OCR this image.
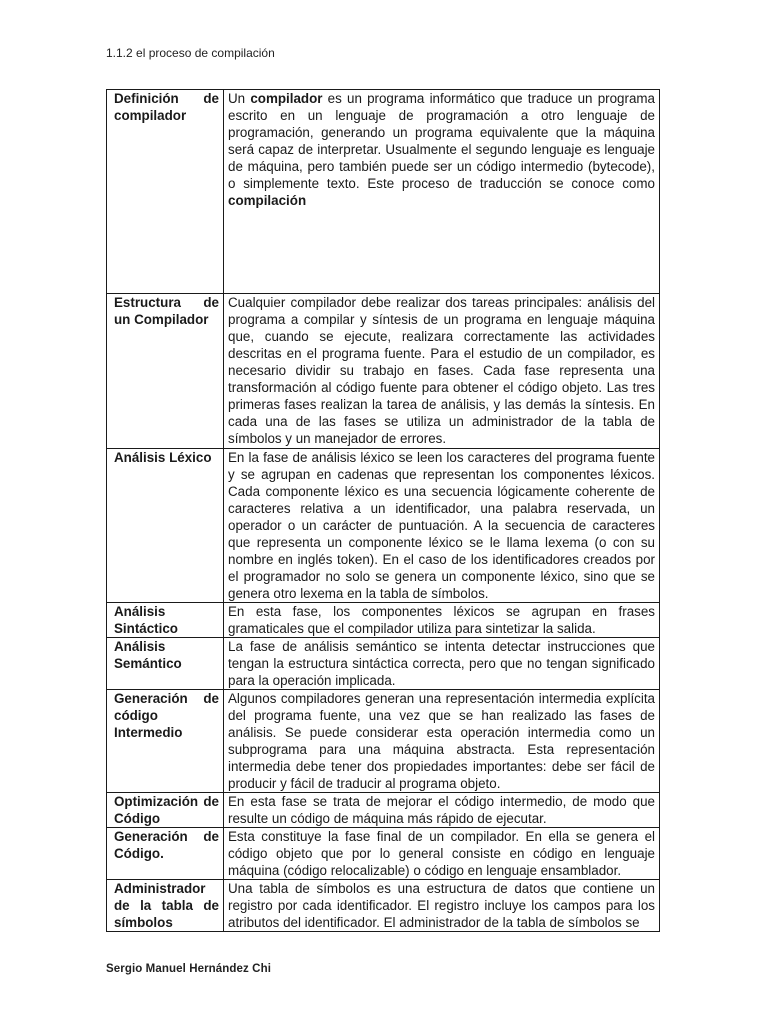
1.1.2 el proceso de compilación
Definición de compilador	Un compilador es un programa informático que traduce un programa escrito en un lenguaje de programación a otro lenguaje de programación, generando un programa equivalente que la máquina será capaz de interpretar. Usualmente el segundo lenguaje es lenguaje de máquina, pero también puede ser un código intermedio (bytecode), o simplemente texto. Este proceso de traducción se conoce como compilación
Estructura de un Compilador	Cualquier compilador debe realizar dos tareas principales: análisis del programa a compilar y síntesis de un programa en lenguaje máquina que, cuando se ejecute, realizara correctamente las actividades descritas en el programa fuente. Para el estudio de un compilador, es necesario dividir su trabajo en fases. Cada fase representa una transformación al código fuente para obtener el código objeto. Las tres primeras fases realizan la tarea de análisis, y las demás la síntesis. En cada una de las fases se utiliza un administrador de la tabla de símbolos y un manejador de errores.
Análisis Léxico	En la fase de análisis léxico se leen los caracteres del programa fuente y se agrupan en cadenas que representan los componentes léxicos. Cada componente léxico es una secuencia lógicamente coherente de caracteres relativa a un identificador, una palabra reservada, un operador o un carácter de puntuación. A la secuencia de caracteres que representa un componente léxico se le llama lexema (o con su nombre en inglés token). En el caso de los identificadores creados por el programador no solo se genera un componente léxico, sino que se genera otro lexema en la tabla de símbolos.
Análisis Sintáctico	En esta fase, los componentes léxicos se agrupan en frases gramaticales que el compilador utiliza para sintetizar la salida.
Análisis Semántico	La fase de análisis semántico se intenta detectar instrucciones que tengan la estructura sintáctica correcta, pero que no tengan significado para la operación implicada.
Generación de código Intermedio	Algunos compiladores generan una representación intermedia explícita del programa fuente, una vez que se han realizado las fases de análisis. Se puede considerar esta operación intermedia como un subprograma para una máquina abstracta. Esta representación intermedia debe tener dos propiedades importantes: debe ser fácil de producir y fácil de traducir al programa objeto.
Optimización de Código	En esta fase se trata de mejorar el código intermedio, de modo que resulte un código de máquina más rápido de ejecutar.
Generación de Código.	Esta constituye la fase final de un compilador. En ella se genera el código objeto que por lo general consiste en código en lenguaje máquina (código relocalizable) o código en lenguaje ensamblador.
Administrador de la tabla de símbolos	Una tabla de símbolos es una estructura de datos que contiene un registro por cada identificador. El registro incluye los campos para los atributos del identificador. El administrador de la tabla de símbolos se
Sergio Manuel Hernández Chi
